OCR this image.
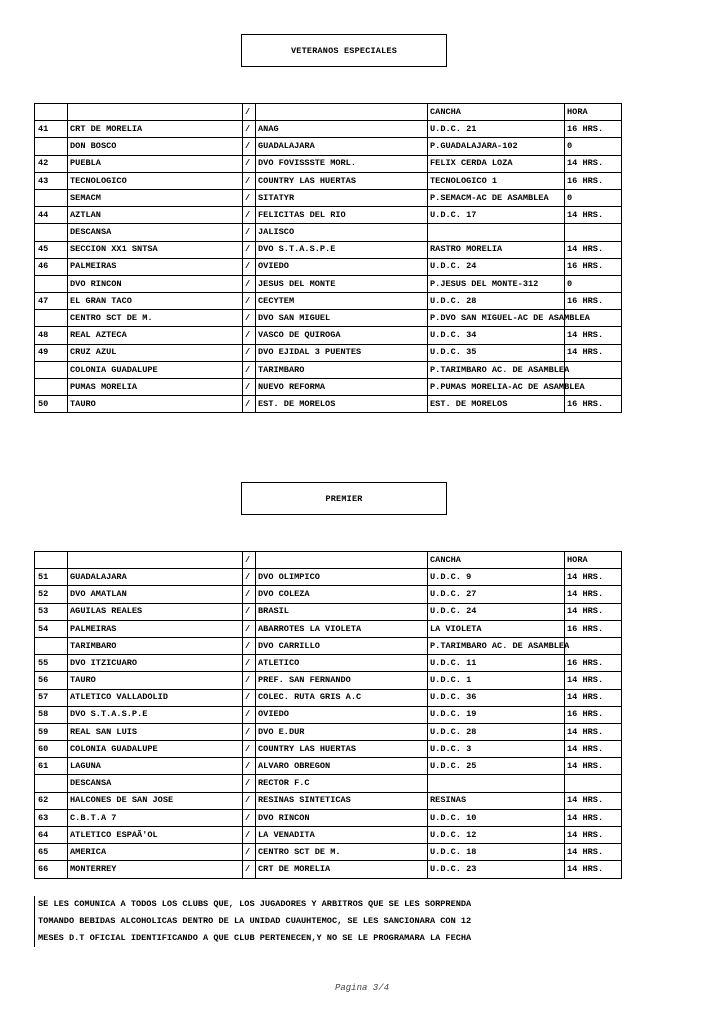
VETERANOS ESPECIALES
		/		CANCHA	HORA
41	CRT DE MORELIA	/	ANAG	U.D.C. 21	16 HRS.
	DON BOSCO	/	GUADALAJARA	P.GUADALAJARA-102	0
42	PUEBLA	/	DVO FOVISSSTE MORL.	FELIX CERDA LOZA	14 HRS.
43	TECNOLOGICO	/	COUNTRY LAS HUERTAS	TECNOLOGICO 1	16 HRS.
	SEMACM	/	SITATYR	P.SEMACM-AC DE ASAMBLEA	0
44	AZTLAN	/	FELICITAS DEL RIO	U.D.C. 17	14 HRS.
	DESCANSA	/	JALISCO		
45	SECCION XX1 SNTSA	/	DVO S.T.A.S.P.E	RASTRO MORELIA	14 HRS.
46	PALMEIRAS	/	OVIEDO	U.D.C. 24	16 HRS.
	DVO RINCON	/	JESUS DEL MONTE	P.JESUS DEL MONTE-312	0
47	EL GRAN TACO	/	CECYTEM	U.D.C. 28	16 HRS.
	CENTRO SCT DE M.	/	DVO SAN MIGUEL	P.DVO SAN MIGUEL-AC DE ASAMBLEA	
48	REAL AZTECA	/	VASCO DE QUIROGA	U.D.C. 34	14 HRS.
49	CRUZ AZUL	/	DVO EJIDAL 3 PUENTES	U.D.C. 35	14 HRS.
	COLONIA GUADALUPE	/	TARIMBARO	P.TARIMBARO AC. DE ASAMBLEA	
	PUMAS MORELIA	/	NUEVO REFORMA	P.PUMAS MORELIA-AC DE ASAMBLEA	
50	TAURO	/	EST. DE MORELOS	EST. DE MORELOS	16 HRS.
PREMIER
		/		CANCHA	HORA
51	GUADALAJARA	/	DVO OLIMPICO	U.D.C. 9	14 HRS.
52	DVO AMATLAN	/	DVO COLEZA	U.D.C. 27	14 HRS.
53	AGUILAS REALES	/	BRASIL	U.D.C. 24	14 HRS.
54	PALMEIRAS	/	ABARROTES LA VIOLETA	LA VIOLETA	16 HRS.
	TARIMBARO	/	DVO CARRILLO	P.TARIMBARO AC. DE ASAMBLEA	
55	DVO ITZICUARO	/	ATLETICO	U.D.C. 11	16 HRS.
56	TAURO	/	PREF. SAN FERNANDO	U.D.C. 1	14 HRS.
57	ATLETICO VALLADOLID	/	COLEC. RUTA GRIS A.C	U.D.C. 36	14 HRS.
58	DVO S.T.A.S.P.E	/	OVIEDO	U.D.C. 19	16 HRS.
59	REAL SAN LUIS	/	DVO E.DUR	U.D.C. 28	14 HRS.
60	COLONIA GUADALUPE	/	COUNTRY LAS HUERTAS	U.D.C. 3	14 HRS.
61	LAGUNA	/	ALVARO OBREGON	U.D.C. 25	14 HRS.
	DESCANSA	/	RECTOR F.C		
62	HALCONES DE SAN JOSE	/	RESINAS SINTETICAS	RESINAS	14 HRS.
63	C.B.T.A 7	/	DVO RINCON	U.D.C. 10	14 HRS.
64	ATLETICO ESPAÃ'OL	/	LA VENADITA	U.D.C. 12	14 HRS.
65	AMERICA	/	CENTRO SCT DE M.	U.D.C. 18	14 HRS.
66	MONTERREY	/	CRT DE MORELIA	U.D.C. 23	14 HRS.
SE LES COMUNICA A TODOS LOS CLUBS QUE, LOS JUGADORES Y ARBITROS QUE SE LES SORPRENDA
TOMANDO BEBIDAS ALCOHOLICAS DENTRO DE LA UNIDAD CUAUHTEMOC, SE LES SANCIONARA CON 12
MESES D.T OFICIAL IDENTIFICANDO A QUE CLUB PERTENECEN,Y NO SE LE PROGRAMARA LA FECHA
Pagina 3/4
